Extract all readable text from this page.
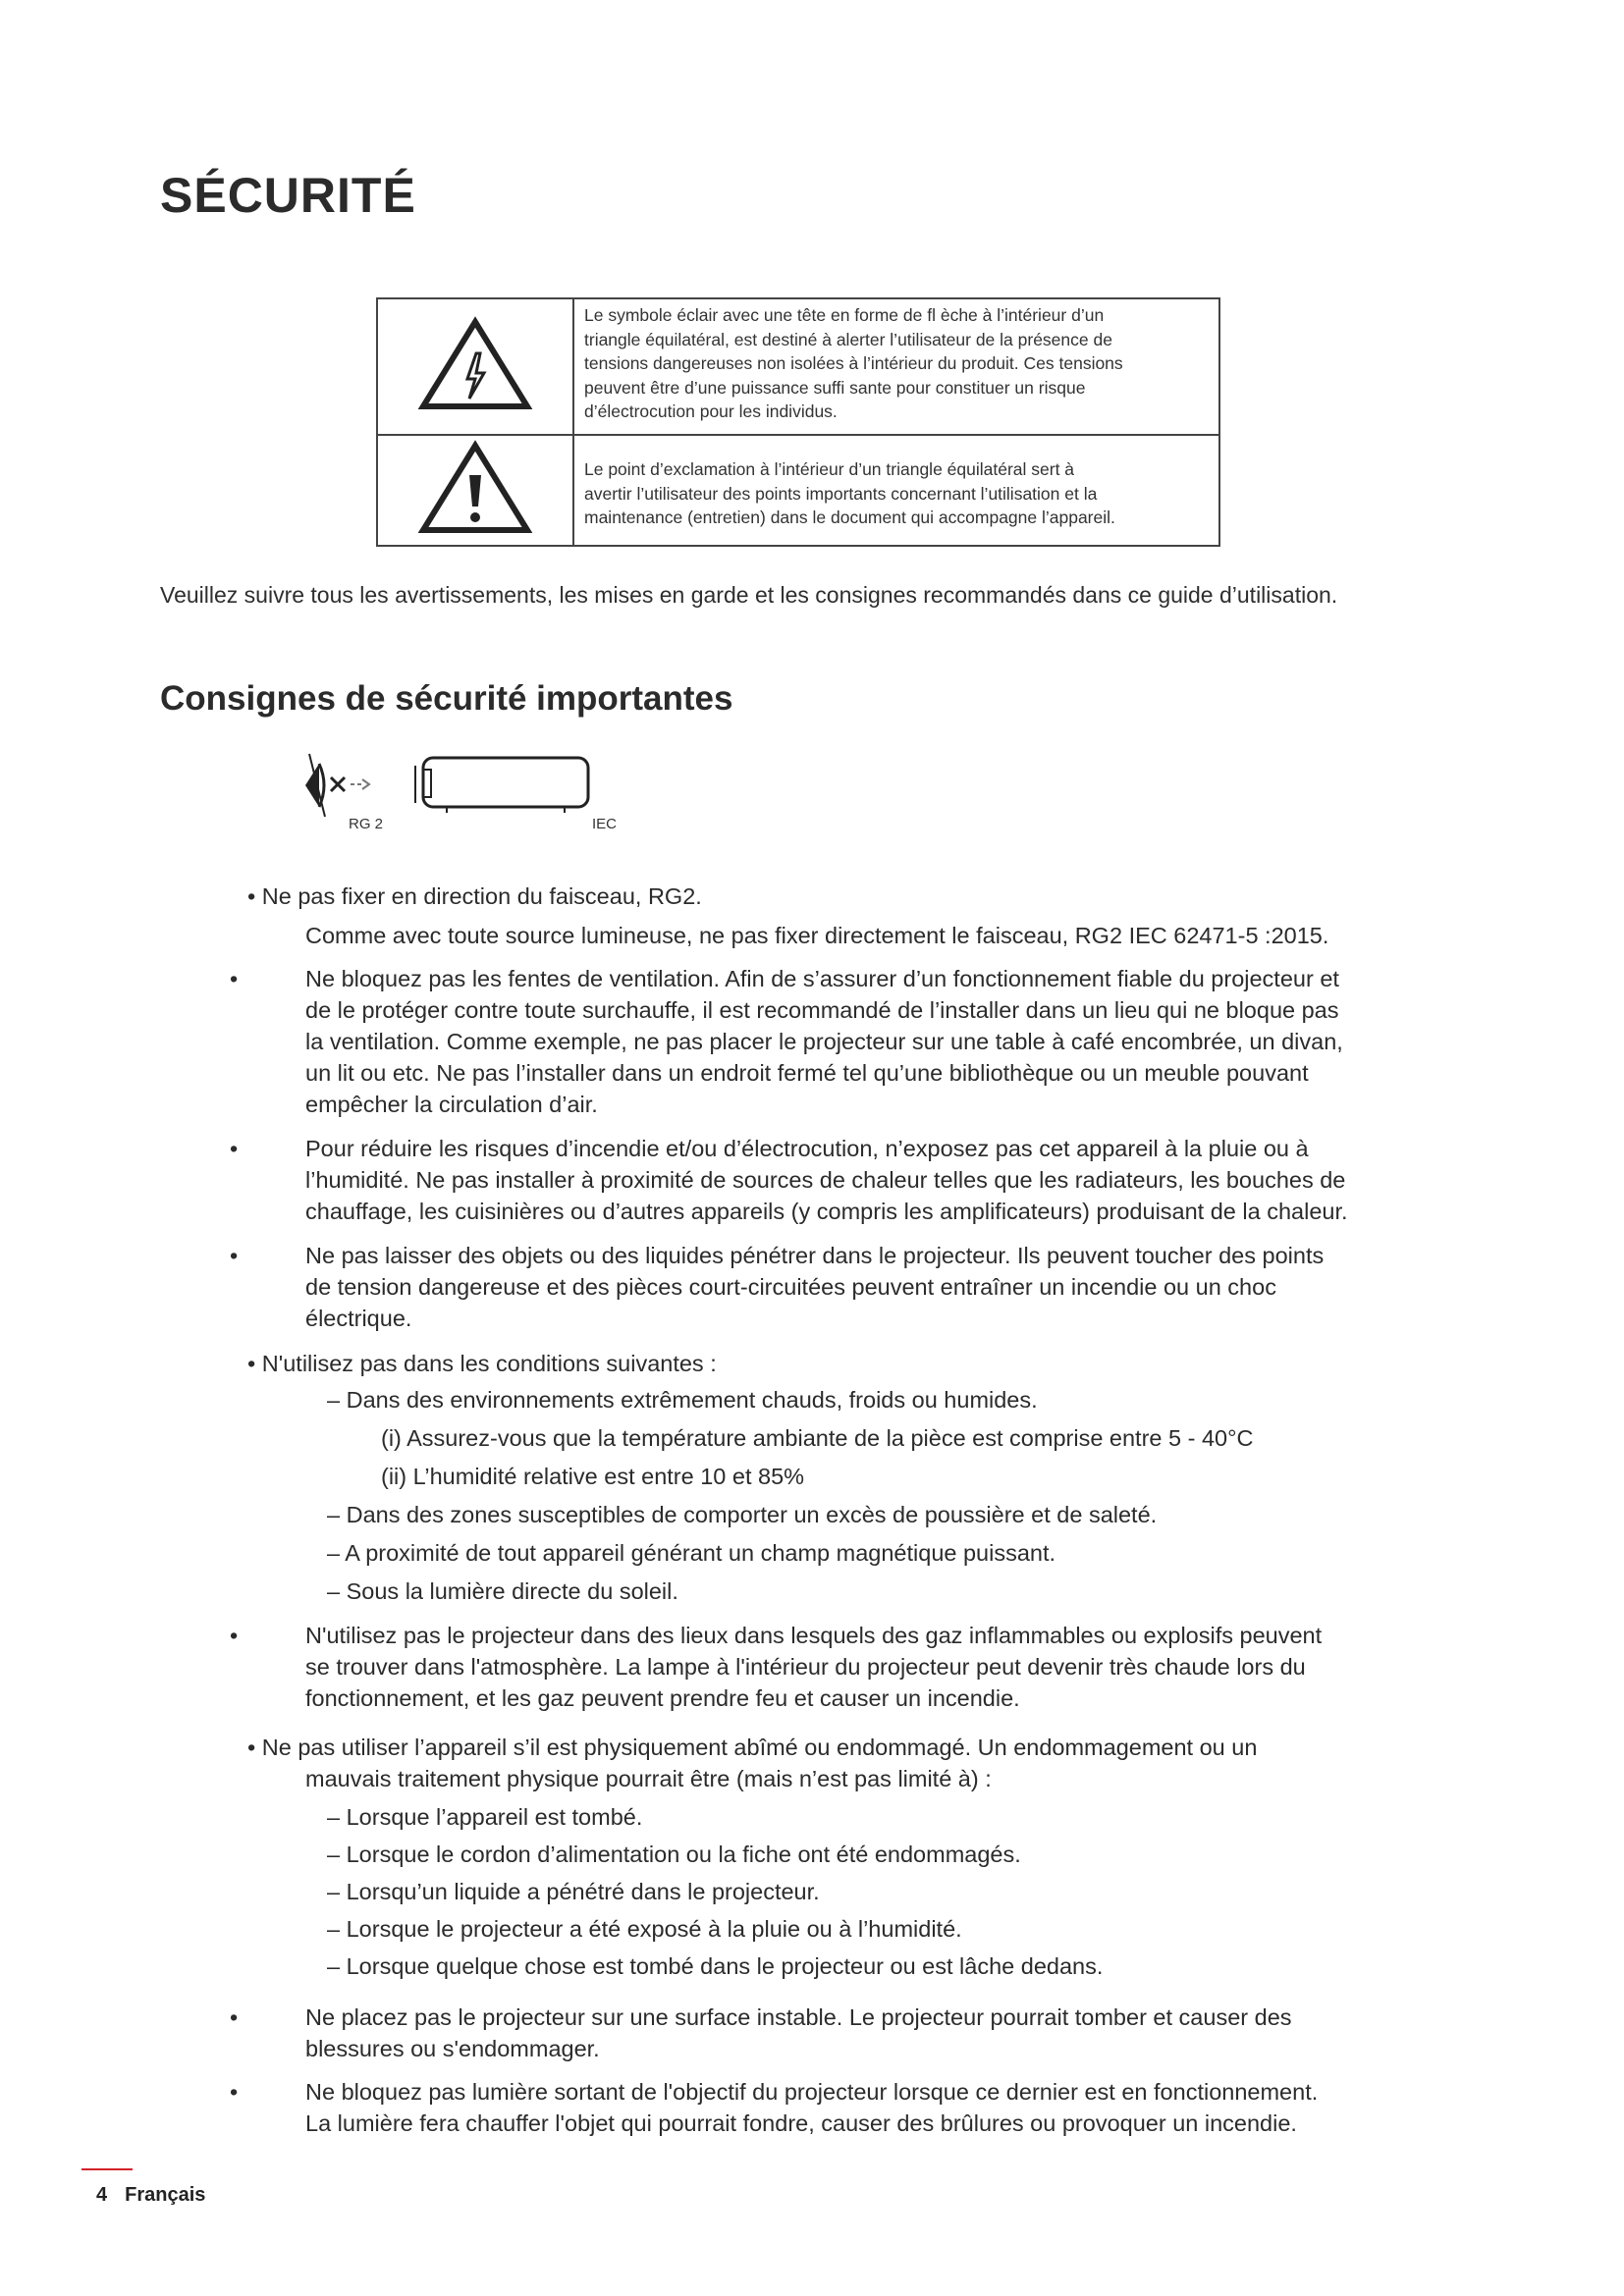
SÉCURITÉ

Le symbole éclair avec une tête en forme de fl èche à l’intérieur d’un
triangle équilatéral, est destiné à alerter l’utilisateur de la présence de
tensions dangereuses non isolées à l’intérieur du produit. Ces tensions
peuvent être d’une puissance suffi sante pour constituer un risque
d’électrocution pour les individus.

Le point d’exclamation à l’intérieur d’un triangle équilatéral sert à
avertir l’utilisateur des points importants concernant l’utilisation et la
maintenance (entretien) dans le document qui accompagne l’appareil.

Veuillez suivre tous les avertissements, les mises en garde et les consignes recommandés dans ce guide d’utilisation.

Consignes de sécurité importantes
RG 2	IEC
• Ne pas fixer en direction du faisceau, RG2.
Comme avec toute source lumineuse, ne pas fixer directement le faisceau, RG2 IEC 62471-5 :2015.
•	Ne bloquez pas les fentes de ventilation. Afin de s’assurer d’un fonctionnement fiable du projecteur et
de le protéger contre toute surchauffe, il est recommandé de l’installer dans un lieu qui ne bloque pas
la ventilation. Comme exemple, ne pas placer le projecteur sur une table à café encombrée, un divan,
un lit ou etc. Ne pas l’installer dans un endroit fermé tel qu’une bibliothèque ou un meuble pouvant
empêcher la circulation d’air.
•	Pour réduire les risques d’incendie et/ou d’électrocution, n’exposez pas cet appareil à la pluie ou à
l’humidité. Ne pas installer à proximité de sources de chaleur telles que les radiateurs, les bouches de
chauffage, les cuisinières ou d’autres appareils (y compris les amplificateurs) produisant de la chaleur.
•	Ne pas laisser des objets ou des liquides pénétrer dans le projecteur. Ils peuvent toucher des points
de tension dangereuse et des pièces court-circuitées peuvent entraîner un incendie ou un choc
électrique.
• N'utilisez pas dans les conditions suivantes :
– Dans des environnements extrêmement chauds, froids ou humides.
(i) Assurez-vous que la température ambiante de la pièce est comprise entre 5 - 40°C
(ii) L’humidité relative est entre 10 et 85%
– Dans des zones susceptibles de comporter un excès de poussière et de saleté.
– A proximité de tout appareil générant un champ magnétique puissant.
– Sous la lumière directe du soleil.
•	N'utilisez pas le projecteur dans des lieux dans lesquels des gaz inflammables ou explosifs peuvent
se trouver dans l'atmosphère. La lampe à l'intérieur du projecteur peut devenir très chaude lors du
fonctionnement, et les gaz peuvent prendre feu et causer un incendie.
• Ne pas utiliser l’appareil s’il est physiquement abîmé ou endommagé. Un endommagement ou un
mauvais traitement physique pourrait être (mais n’est pas limité à) :
– Lorsque l’appareil est tombé.
– Lorsque le cordon d’alimentation ou la fiche ont été endommagés.
– Lorsqu’un liquide a pénétré dans le projecteur.
– Lorsque le projecteur a été exposé à la pluie ou à l’humidité.
– Lorsque quelque chose est tombé dans le projecteur ou est lâche dedans.
•	Ne placez pas le projecteur sur une surface instable. Le projecteur pourrait tomber et causer des
blessures ou s'endommager.
•	Ne bloquez pas lumière sortant de l'objectif du projecteur lorsque ce dernier est en fonctionnement.
La lumière fera chauffer l'objet qui pourrait fondre, causer des brûlures ou provoquer un incendie.
4 Français
